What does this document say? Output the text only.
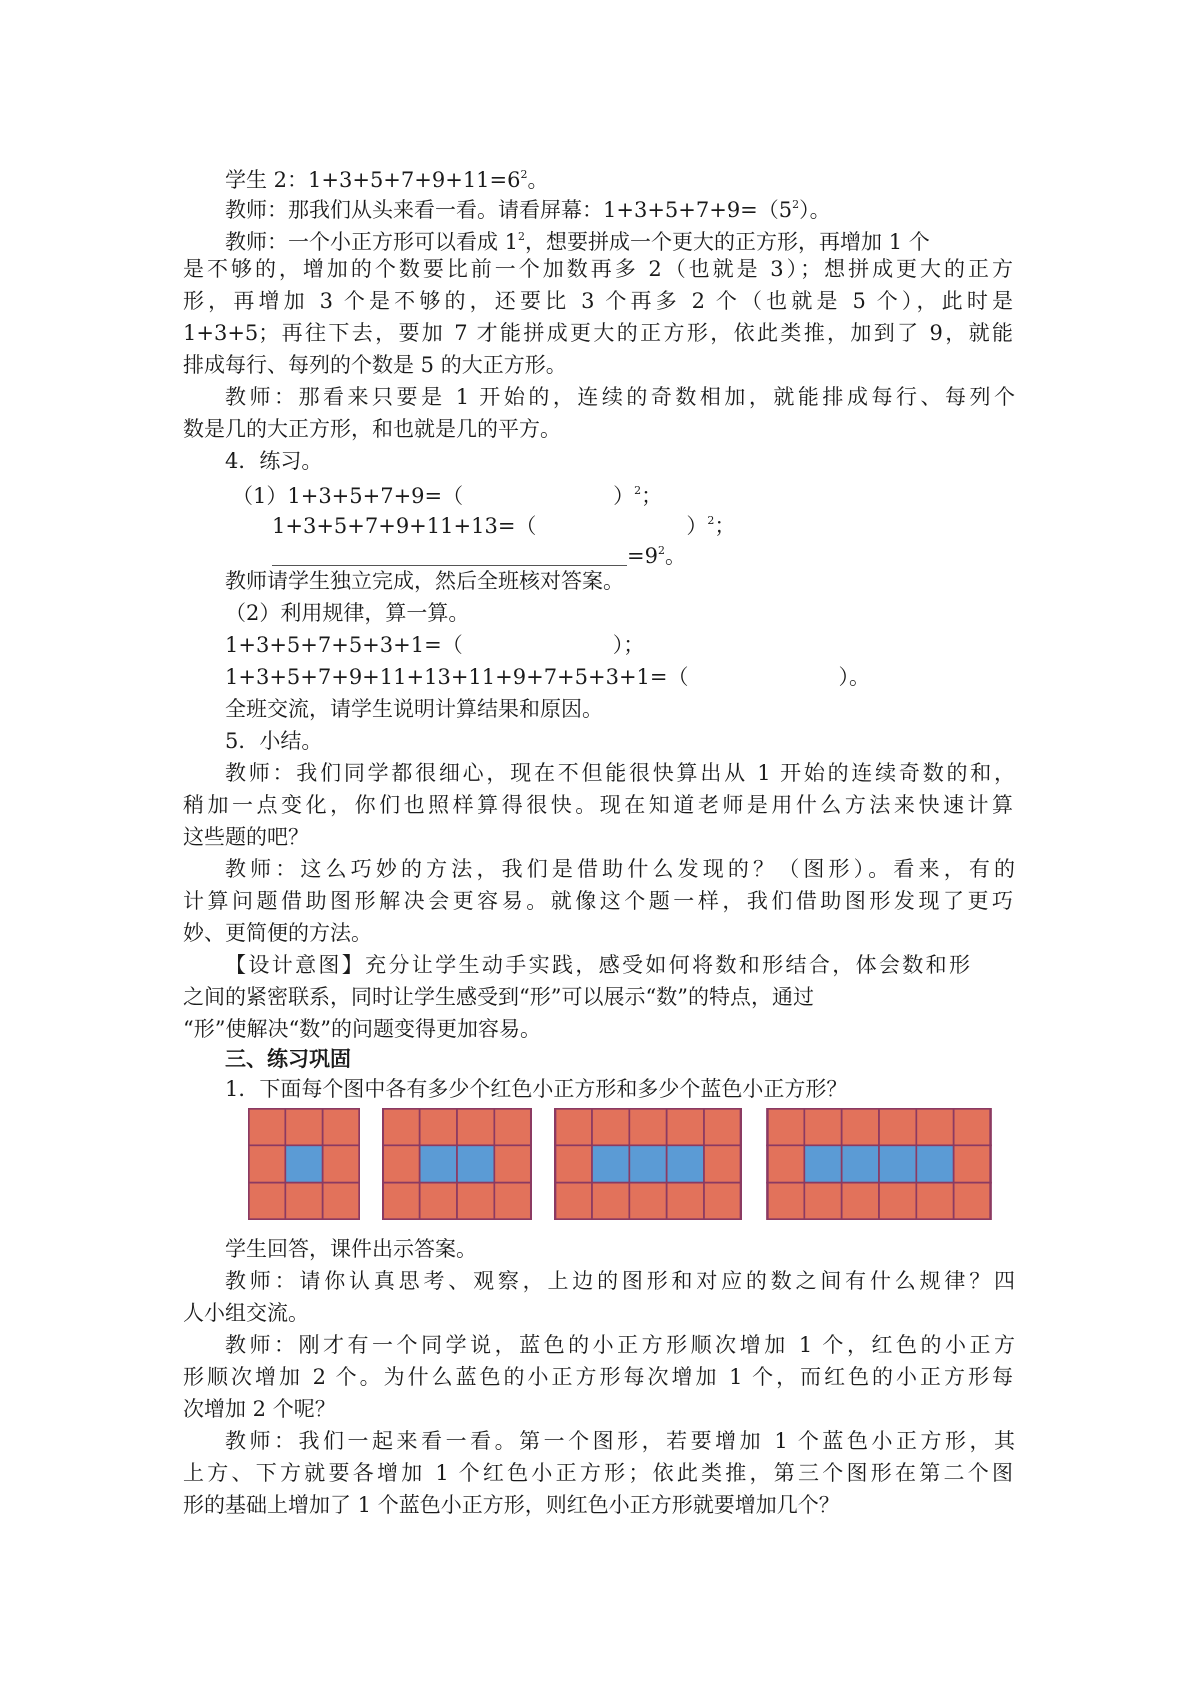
学生 2：$1+3+5+7+9+11=6^2$。
教师：那我们从头来看一看。请看屏幕：$1+3+5+7+9=(5^2)$。
教师：一个小正方形可以看成 $1^2$，想要拼成一个更大的正方形，再增加 1 个
是不够的，增加的个数要比前一个加数再多 2（也就是 3）；想拼成更大的正方
形，再增加 3 个是不够的，还要比 3 个再多 2 个（也就是 5 个），此时是
1+3+5；再往下去，要加 7 才能拼成更大的正方形，依此类推，加到了 9，就能
排成每行、每列的个数是 5 的大正方形。
教师：那看来只要是 1 开始的，连续的奇数相加，就能排成每行、每列个
数是几的大正方形，和也就是几的平方。
4．练习。
（1）1+3+5+7+9=（	）$^2$；
1+3+5+7+9+11+13=（	）$^2$；
$=9^2$。
教师请学生独立完成，然后全班核对答案。
（2）利用规律，算一算。
1+3+5+7+5+3+1=（	）；
1+3+5+7+9+11+13+11+9+7+5+3+1=（	）。
全班交流，请学生说明计算结果和原因。
5．小结。
教师：我们同学都很细心，现在不但能很快算出从 1 开始的连续奇数的和，
稍加一点变化，你们也照样算得很快。现在知道老师是用什么方法来快速计算
这些题的吧？
教师：这么巧妙的方法，我们是借助什么发现的？（图形）。看来，有的
计算问题借助图形解决会更容易。就像这个题一样，我们借助图形发现了更巧
妙、更简便的方法。
【设计意图】充分让学生动手实践，感受如何将数和形结合，体会数和形
之间的紧密联系，同时让学生感受到“形”可以展示“数”的特点，通过
“形”使解决“数”的问题变得更加容易。
三、练习巩固
1．下面每个图中各有多少个红色小正方形和多少个蓝色小正方形？
学生回答，课件出示答案。
教师：请你认真思考、观察，上边的图形和对应的数之间有什么规律？四
人小组交流。
教师：刚才有一个同学说，蓝色的小正方形顺次增加 1 个，红色的小正方
形顺次增加 2 个。为什么蓝色的小正方形每次增加 1 个，而红色的小正方形每
次增加 2 个呢？
教师：我们一起来看一看。第一个图形，若要增加 1 个蓝色小正方形，其
上方、下方就要各增加 1 个红色小正方形；依此类推，第三个图形在第二个图
形的基础上增加了 1 个蓝色小正方形，则红色小正方形就要增加几个？
